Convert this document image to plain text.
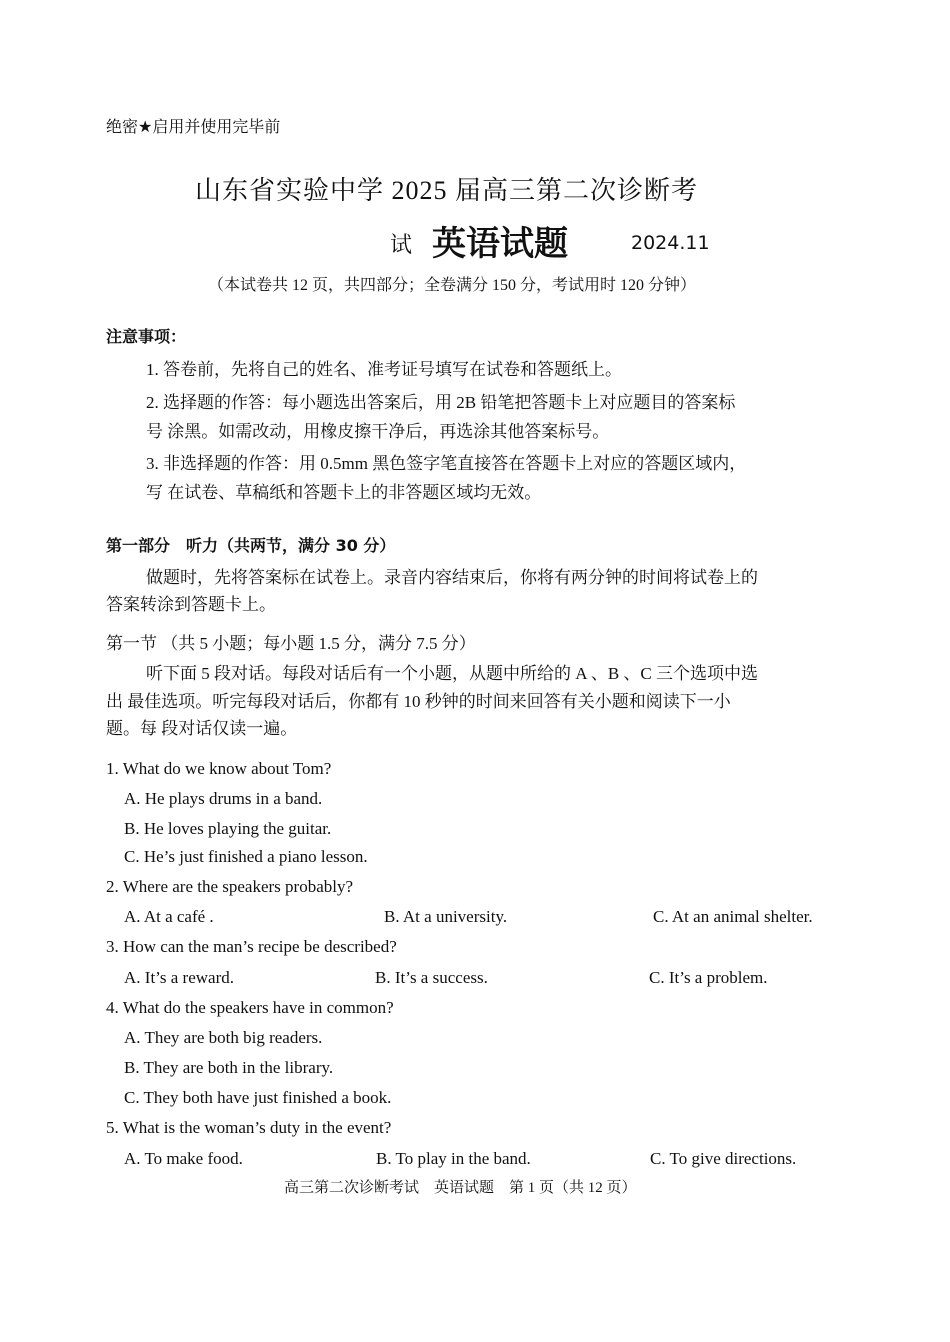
绝密★启用并使用完毕前
山东省实验中学 2025 届高三第二次诊断考
试 英语试题	2024.11
（本试卷共 12 页，共四部分；全卷满分 150 分，考试用时 120 分钟）
注意事项：
1. 答卷前，先将自己的姓名、准考证号填写在试卷和答题纸上。
2. 选择题的作答：每小题选出答案后，用 2B 铅笔把答题卡上对应题目的答案标
号 涂黑。如需改动，用橡皮擦干净后，再选涂其他答案标号。
3. 非选择题的作答：用 0.5mm 黑色签字笔直接答在答题卡上对应的答题区域内，
写 在试卷、草稿纸和答题卡上的非答题区域均无效。
第一部分　听力（共两节，满分 30 分）
做题时，先将答案标在试卷上。录音内容结束后，你将有两分钟的时间将试卷上的
答案转涂到答题卡上。
第一节 （共 5 小题；每小题 1.5 分，满分 7.5 分）
听下面 5 段对话。每段对话后有一个小题，从题中所给的 A 、B 、C 三个选项中选
出 最佳选项。听完每段对话后，你都有 10 秒钟的时间来回答有关小题和阅读下一小
题。每 段对话仅读一遍。
1. What do we know about Tom?
A. He plays drums in a band.
B. He loves playing the guitar.
C. He’s just finished a piano lesson.
2. Where are the speakers probably?
A. At a café .	B. At a university.	C. At an animal shelter.
3. How can the man’s recipe be described?
A. It’s a reward.	B. It’s a success.	C. It’s a problem.
4. What do the speakers have in common?
A. They are both big readers.
B. They are both in the library.
C. They both have just finished a book.
5. What is the woman’s duty in the event?
A. To make food.	B. To play in the band.	C. To give directions.
高三第二次诊断考试　英语试题　第 1 页（共 12 页）
